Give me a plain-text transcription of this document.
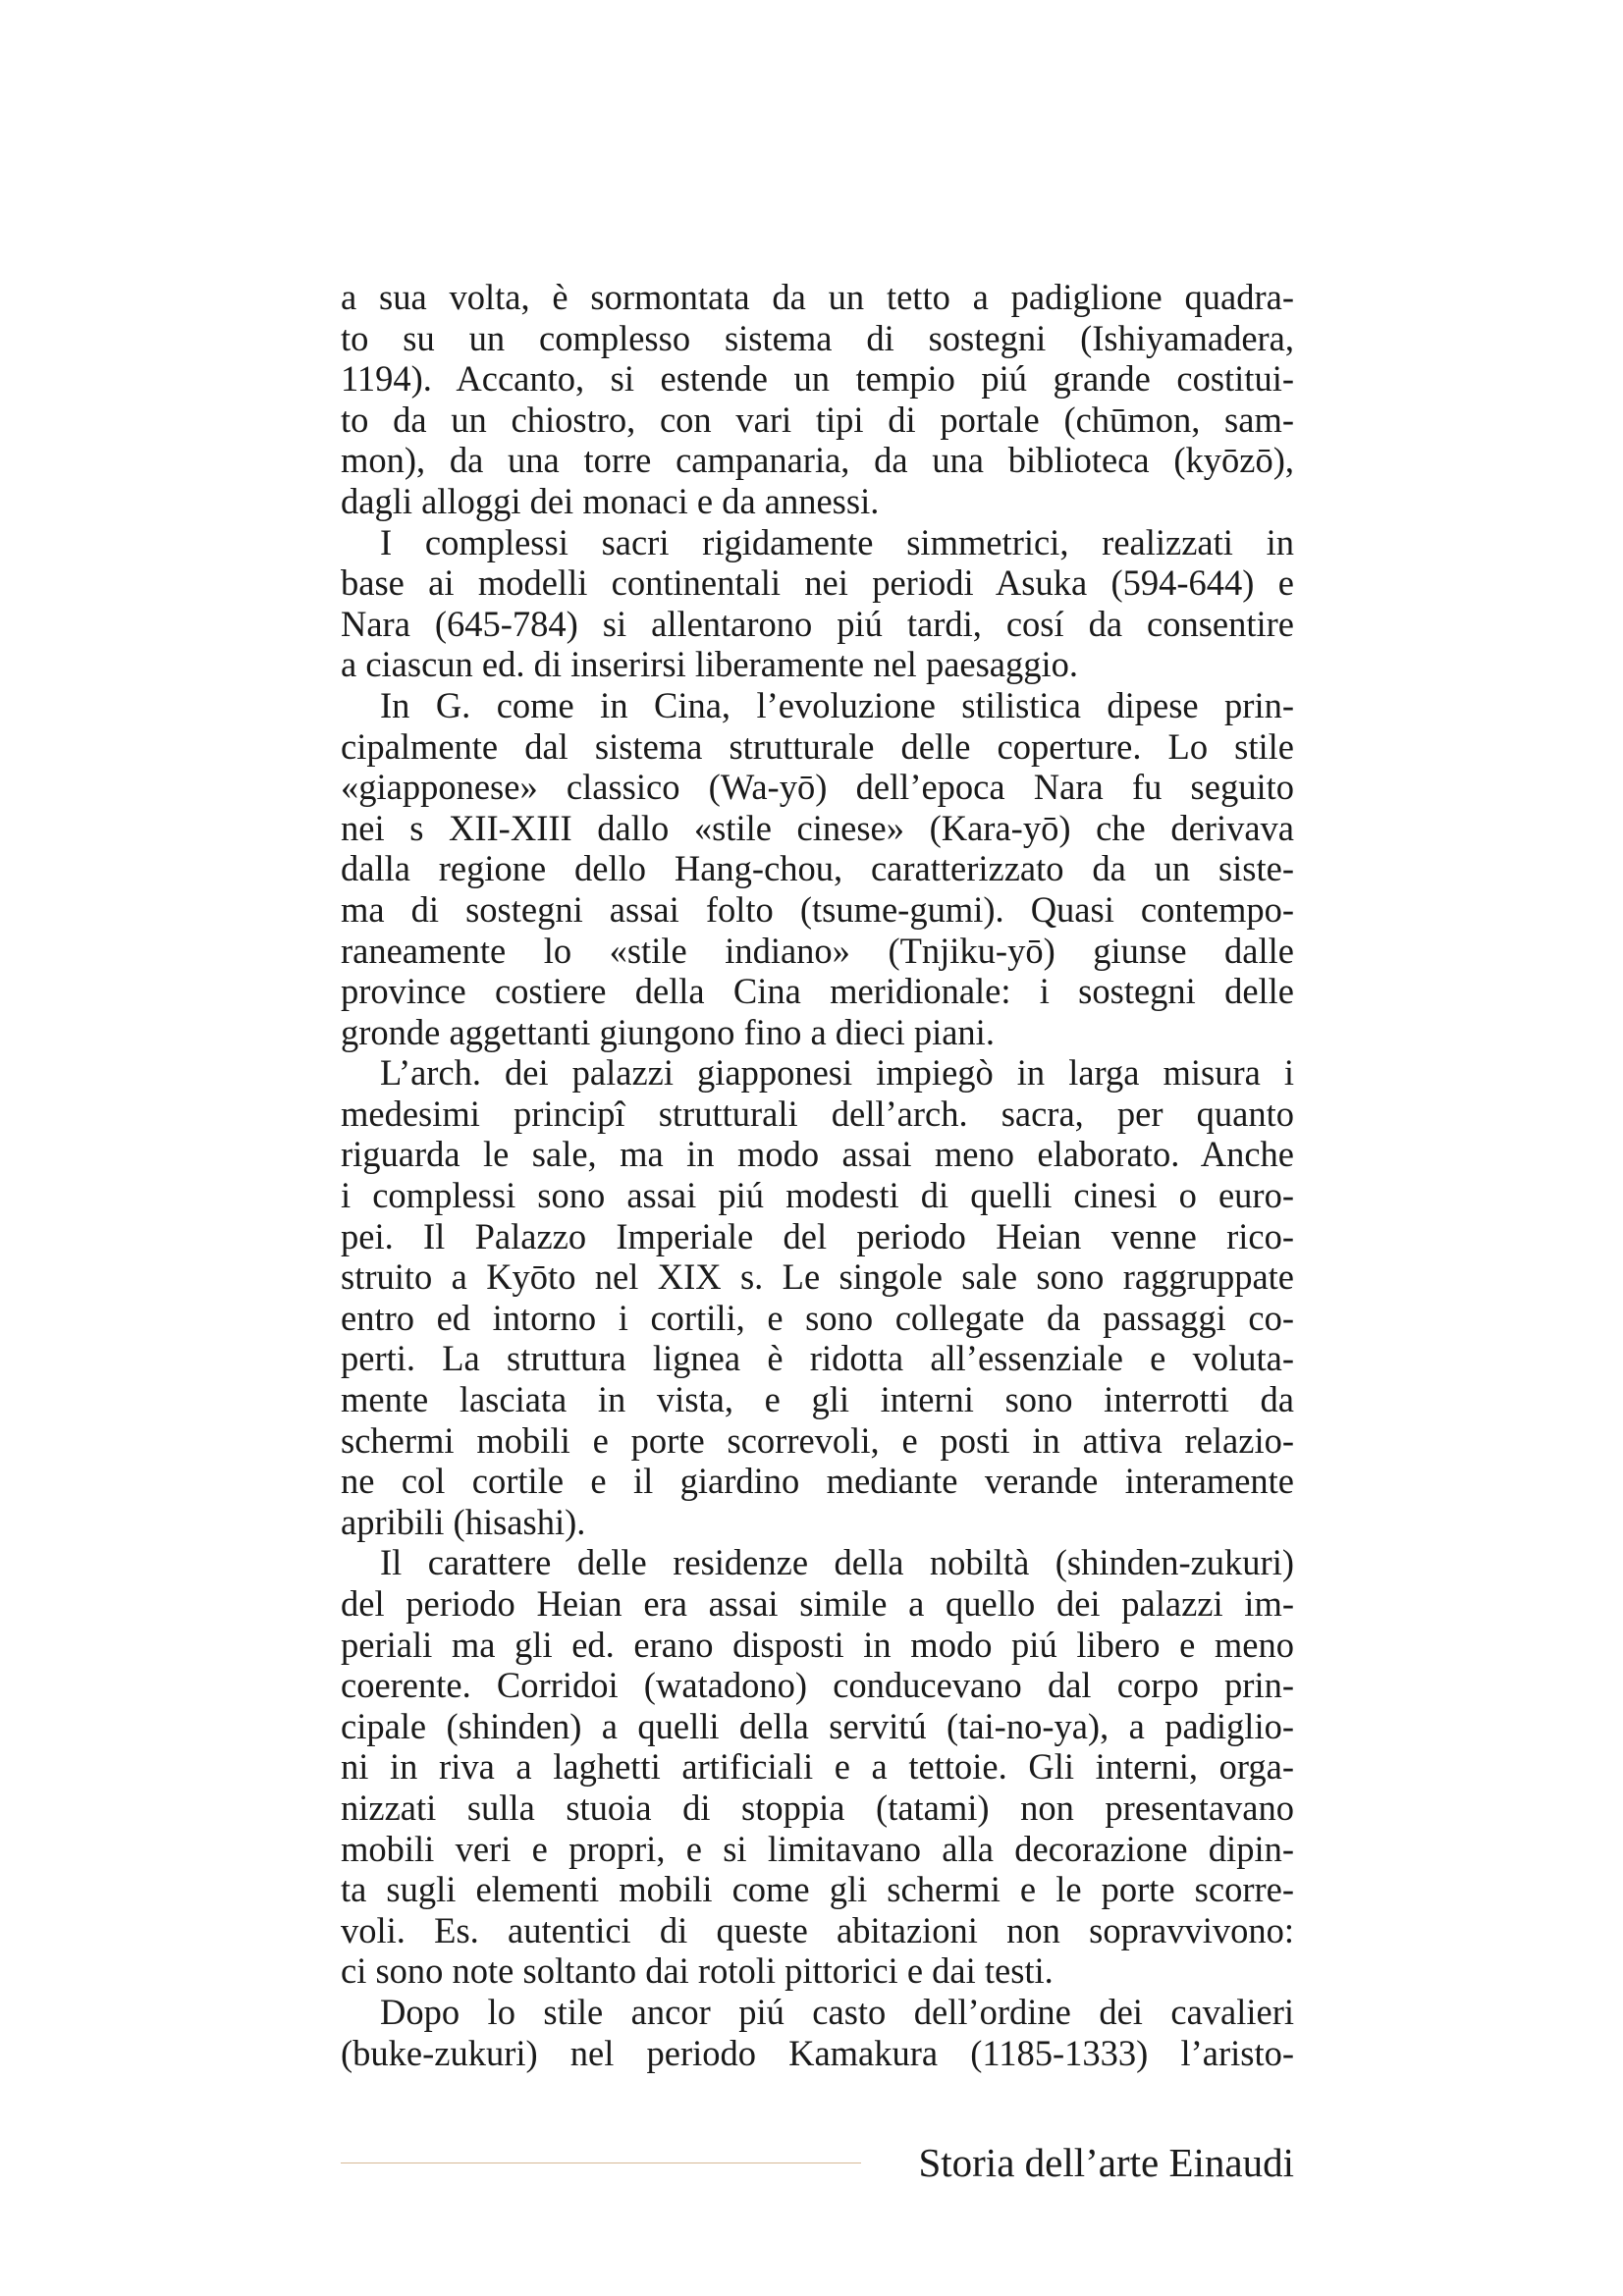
a sua volta, è sormontata da un tetto a padiglione quadra-
to su un complesso sistema di sostegni (Ishiyamadera,
1194). Accanto, si estende un tempio piú grande costitui-
to da un chiostro, con vari tipi di portale (chūmon, sam-
mon), da una torre campanaria, da una biblioteca (kyōzō),
dagli alloggi dei monaci e da annessi.
I complessi sacri rigidamente simmetrici, realizzati in
base ai modelli continentali nei periodi Asuka (594-644) e
Nara (645-784) si allentarono piú tardi, cosí da consentire
a ciascun ed. di inserirsi liberamente nel paesaggio.
In G. come in Cina, l’evoluzione stilistica dipese prin-
cipalmente dal sistema strutturale delle coperture. Lo stile
«giapponese» classico (Wa-yō) dell’epoca Nara fu seguito
nei s XII-XIII dallo «stile cinese» (Kara-yō) che derivava
dalla regione dello Hang-chou, caratterizzato da un siste-
ma di sostegni assai folto (tsume-gumi). Quasi contempo-
raneamente lo «stile indiano» (Tnjiku-yō) giunse dalle
province costiere della Cina meridionale: i sostegni delle
gronde aggettanti giungono fino a dieci piani.
L’arch. dei palazzi giapponesi impiegò in larga misura i
medesimi principî strutturali dell’arch. sacra, per quanto
riguarda le sale, ma in modo assai meno elaborato. Anche
i complessi sono assai piú modesti di quelli cinesi o euro-
pei. Il Palazzo Imperiale del periodo Heian venne rico-
struito a Kyōto nel XIX s. Le singole sale sono raggruppate
entro ed intorno i cortili, e sono collegate da passaggi co-
perti. La struttura lignea è ridotta all’essenziale e voluta-
mente lasciata in vista, e gli interni sono interrotti da
schermi mobili e porte scorrevoli, e posti in attiva relazio-
ne col cortile e il giardino mediante verande interamente
apribili (hisashi).
Il carattere delle residenze della nobiltà (shinden-zukuri)
del periodo Heian era assai simile a quello dei palazzi im-
periali ma gli ed. erano disposti in modo piú libero e meno
coerente. Corridoi (watadono) conducevano dal corpo prin-
cipale (shinden) a quelli della servitú (tai-no-ya), a padiglio-
ni in riva a laghetti artificiali e a tettoie. Gli interni, orga-
nizzati sulla stuoia di stoppia (tatami) non presentavano
mobili veri e propri, e si limitavano alla decorazione dipin-
ta sugli elementi mobili come gli schermi e le porte scorre-
voli. Es. autentici di queste abitazioni non sopravvivono:
ci sono note soltanto dai rotoli pittorici e dai testi.
Dopo lo stile ancor piú casto dell’ordine dei cavalieri
(buke-zukuri) nel periodo Kamakura (1185-1333) l’aristo-
Storia dell’arte Einaudi
